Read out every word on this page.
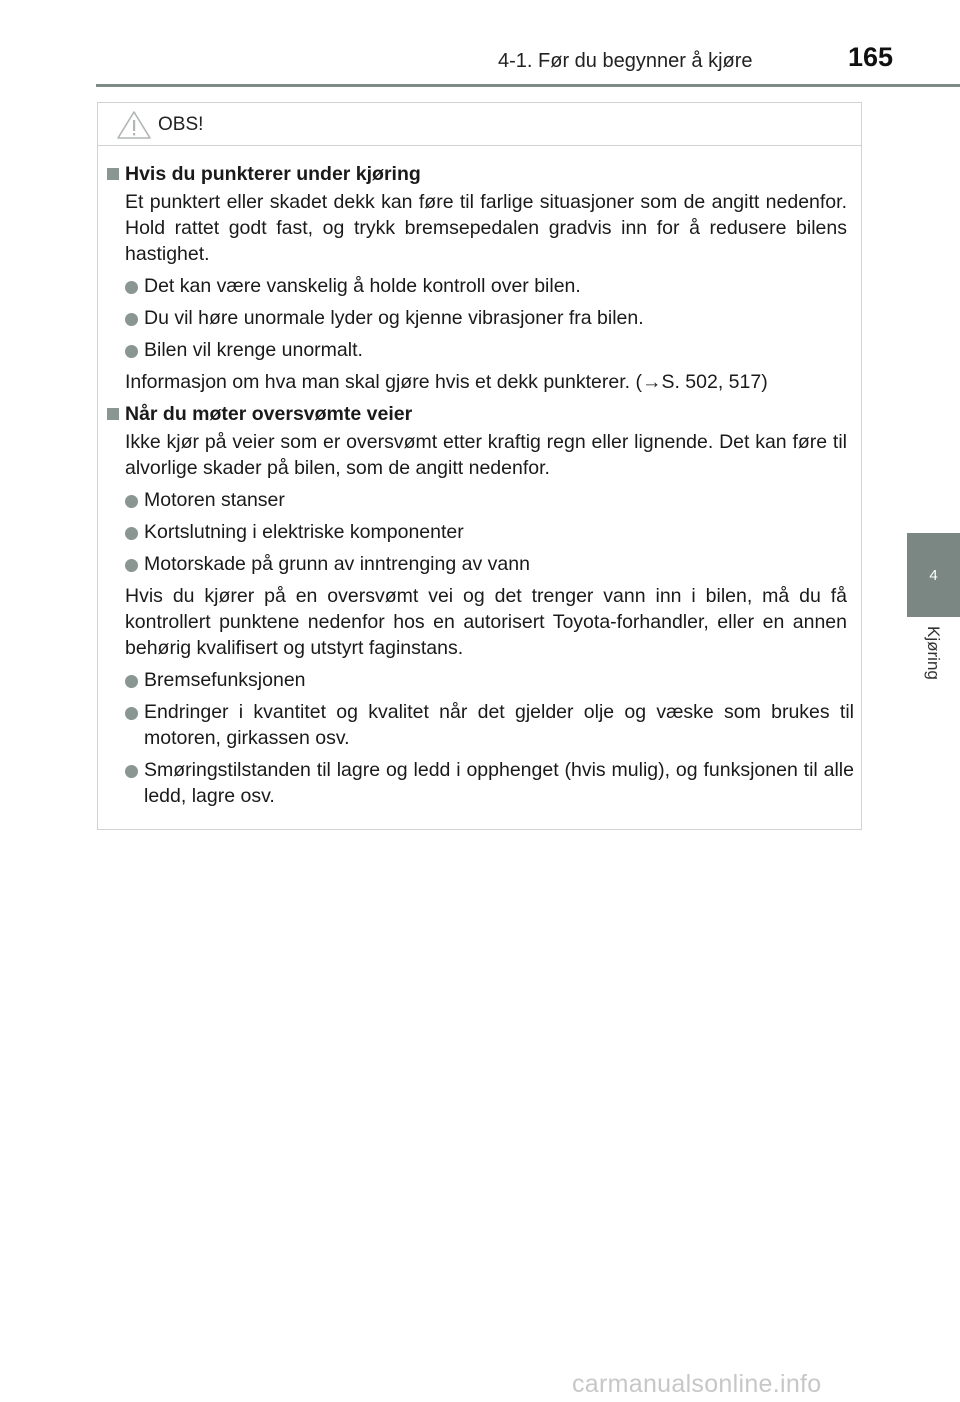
4-1. Før du begynner å kjøre	165
4
Kjøring
OBS!
Hvis du punkterer under kjøring
Et punktert eller skadet dekk kan føre til farlige situasjoner som de angitt nedenfor. Hold rattet godt fast, og trykk bremsepedalen gradvis inn for å redusere bilens hastighet.
Det kan være vanskelig å holde kontroll over bilen.
Du vil høre unormale lyder og kjenne vibrasjoner fra bilen.
Bilen vil krenge unormalt.
Informasjon om hva man skal gjøre hvis et dekk punkterer. (→S. 502, 517)
Når du møter oversvømte veier
Ikke kjør på veier som er oversvømt etter kraftig regn eller lignende. Det kan føre til alvorlige skader på bilen, som de angitt nedenfor.
Motoren stanser
Kortslutning i elektriske komponenter
Motorskade på grunn av inntrenging av vann
Hvis du kjører på en oversvømt vei og det trenger vann inn i bilen, må du få kontrollert punktene nedenfor hos en autorisert Toyota-forhandler, eller en annen behørig kvalifisert og utstyrt faginstans.
Bremsefunksjonen
Endringer i kvantitet og kvalitet når det gjelder olje og væske som brukes til motoren, girkassen osv.
Smøringstilstanden til lagre og ledd i opphenget (hvis mulig), og funksjonen til alle ledd, lagre osv.
carmanualsonline.info
